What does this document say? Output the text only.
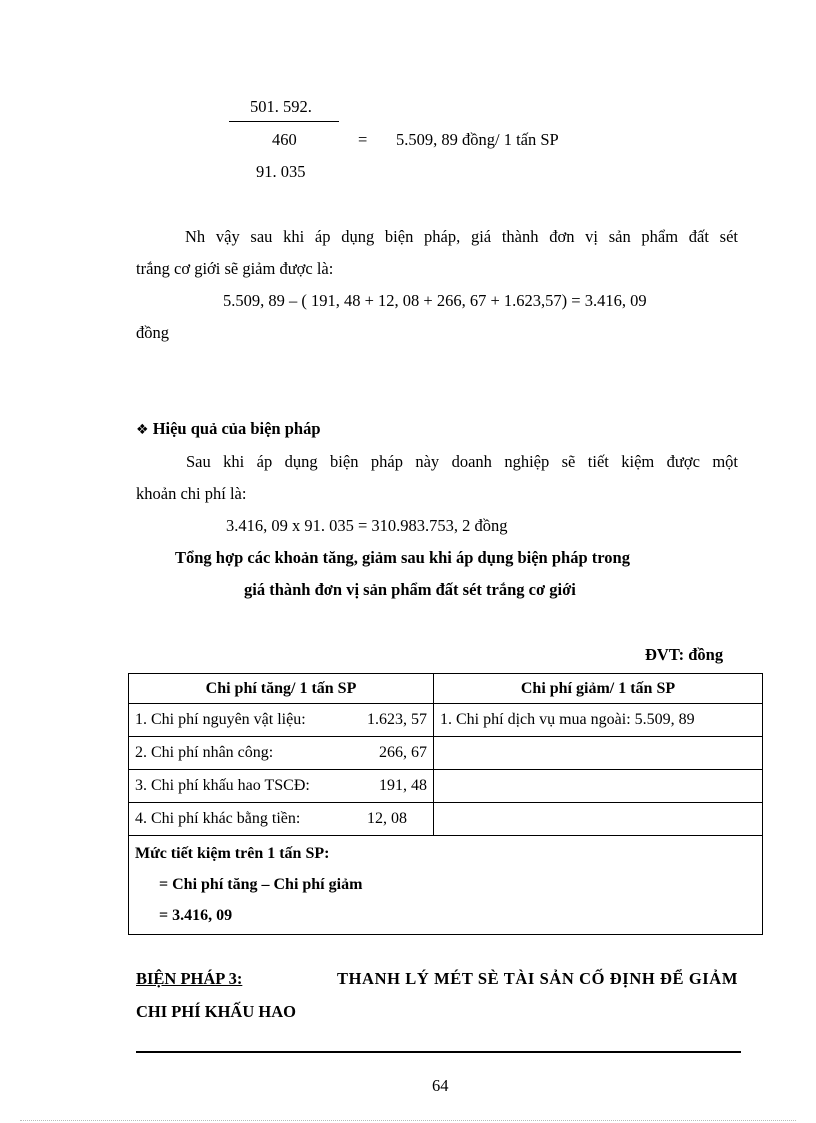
501. 592.
460	= 5.509, 89 đồng/ 1 tấn SP
91. 035
Nh vậy sau khi áp dụng biện pháp, giá thành đơn vị sản phẩm đất sét
trắng cơ giới sẽ giảm được là:
5.509, 89 – ( 191, 48 + 12, 08 + 266, 67 + 1.623,57) = 3.416, 09
đồng
❖ Hiệu quả của biện pháp
Sau khi áp dụng biện pháp này doanh nghiệp sẽ tiết kiệm được một
khoản chi phí là:
3.416, 09 x 91. 035 = 310.983.753, 2 đồng
Tổng hợp các khoản tăng, giảm sau khi áp dụng biện pháp trong
giá thành đơn vị sản phẩm đất sét trắng cơ giới
ĐVT: đồng
Chi phí tăng/ 1 tấn SP	Chi phí giảm/ 1 tấn SP

1. Chi phí nguyên vật liệu: 1.623, 57	1. Chi phí dịch vụ mua ngoài: 5.509, 89

2. Chi phí nhân công: 266, 67	

3. Chi phí khấu hao TSCĐ: 191, 48	

4. Chi phí khác bằng tiền: 12, 08	

Mức tiết kiệm trên 1 tấn SP:
= Chi phí tăng – Chi phí giảm
= 3.416, 09	
BIỆN PHÁP 3:	THANH LÝ MÉT SÈ TÀI SẢN CỐ ĐỊNH ĐỂ GIẢM
CHI PHÍ KHẤU HAO
64
